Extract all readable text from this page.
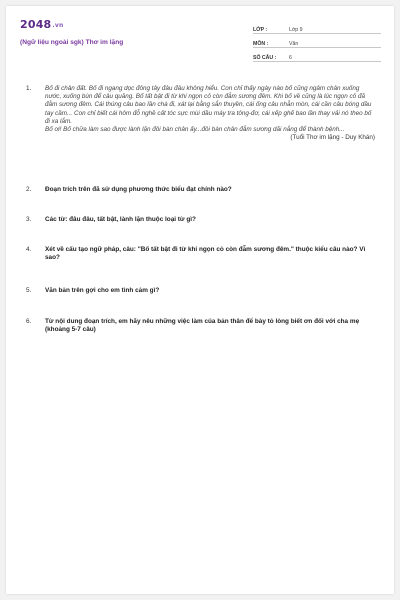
2048.vn
(Ngữ liệu ngoài sgk) Thơ im lặng
LỚP :	Lớp 9
MÔN :	Văn
SỐ CÂU :	6
1. Bố đi chân đất. Bố đi ngang dọc đông tây đâu đâu không hiểu. Con chỉ thấy ngày nào bố cũng ngâm chân xuống nước, xuống bùn để câu quăng. Bố tất bật đi từ khi ngọn cỏ còn đẫm sương đêm. Khi bố về cũng là lúc ngọn cỏ đã đẫm sương đêm. Cái thúng câu bao lần chà đi, xát lại bằng sắn thuyền, cái ống câu nhẵn mòn, cái cần câu bóng dầu tay cầm... Con chỉ biết cái hôm đỗ nghề cất tóc sực mùi dầu máy tra tông-đơ, cái xếp ghế bao lần thay vải nó theo bố đi xa lắm.
Bố ơi! Bố chữa làm sao được lành lặn đôi bàn chân ấy...đôi bàn chân đẫm sương dãi nắng để thành bệnh...
(Tuổi Thơ im lặng - Duy Khán)
2. Đoạn trích trên đã sử dụng phương thức biểu đạt chính nào?
3. Các từ: đâu đâu, tất bật, lành lặn thuộc loại từ gì?
4. Xét về cấu tạo ngữ pháp, câu: "Bố tất bật đi từ khi ngọn cỏ còn đẫm sương đêm." thuộc kiểu câu nào? Vì sao?
5. Văn bản trên gợi cho em tình cảm gì?
6. Từ nội dung đoạn trích, em hãy nêu những việc làm của bản thân để bày tỏ lòng biết ơn đối với cha mẹ (khoảng 5-7 câu)
